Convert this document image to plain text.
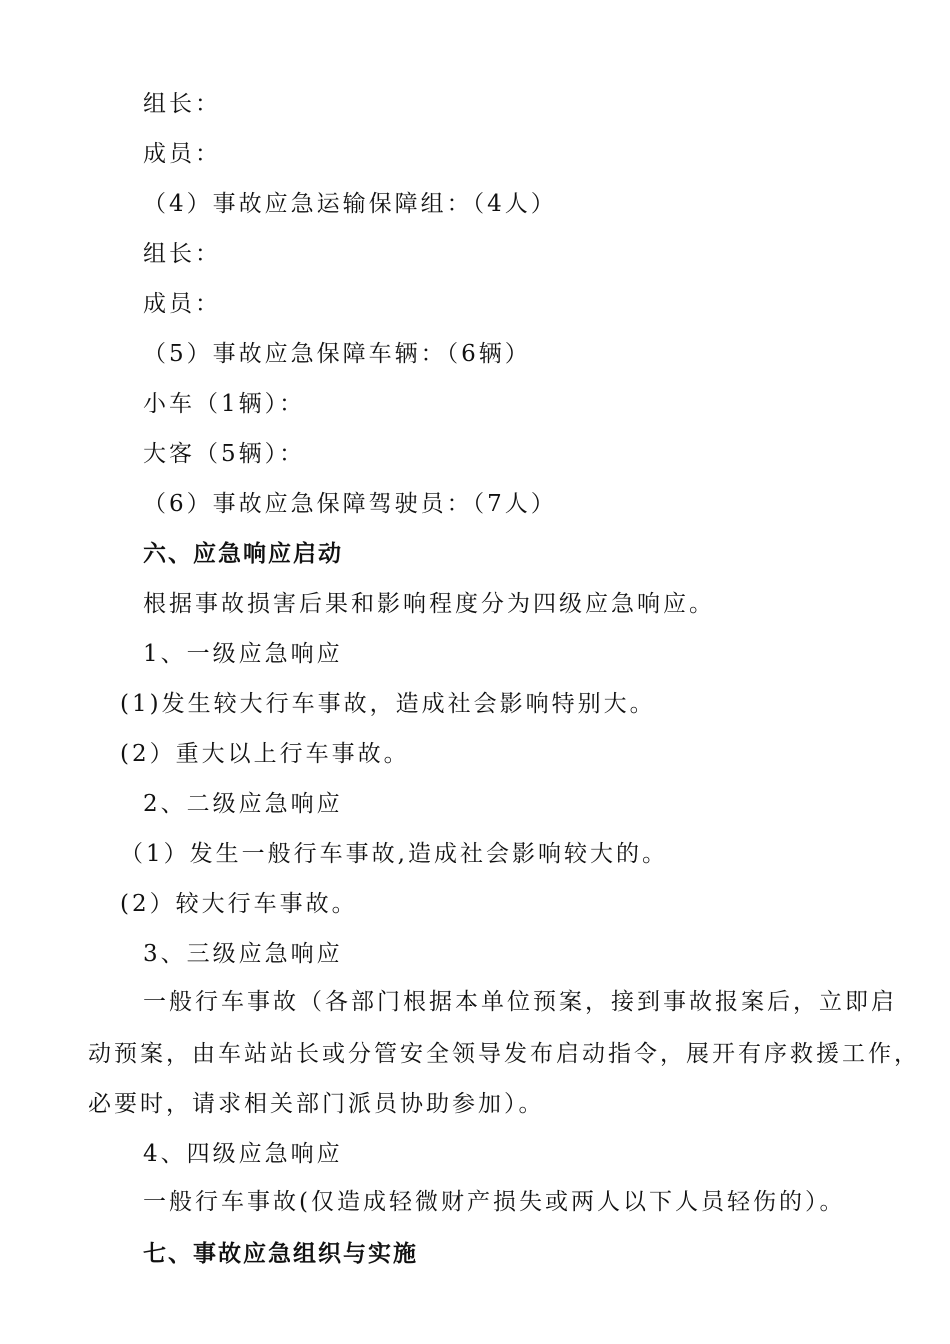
组长：
成员：
（4）事故应急运输保障组：（4人）
组长：
成员：
（5）事故应急保障车辆：（6辆）
小车（1辆）：
大客（5辆）：
（6）事故应急保障驾驶员：（7人）
六、应急响应启动
根据事故损害后果和影响程度分为四级应急响应。
1、一级应急响应
(1)发生较大行车事故，造成社会影响特别大。
(2）重大以上行车事故。
2、二级应急响应
（1）发生一般行车事故,造成社会影响较大的。
(2）较大行车事故。
3、三级应急响应
一般行车事故（各部门根据本单位预案，接到事故报案后，立即启
动预案，由车站站长或分管安全领导发布启动指令，展开有序救援工作，
必要时，请求相关部门派员协助参加）。
4、四级应急响应
一般行车事故(仅造成轻微财产损失或两人以下人员轻伤的）。
七、事故应急组织与实施
